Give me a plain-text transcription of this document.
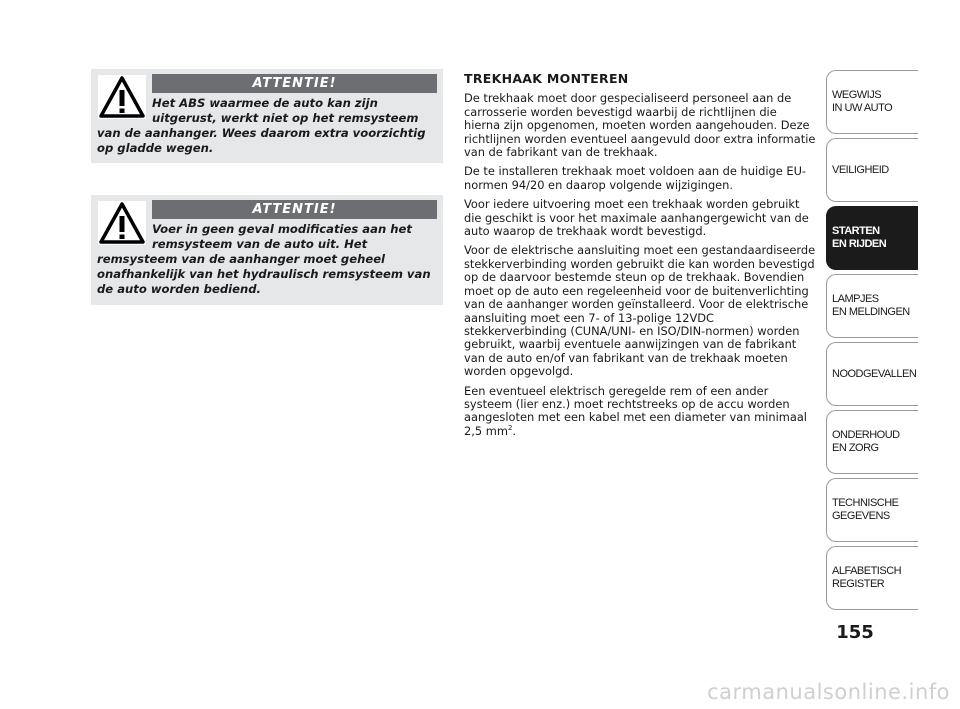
ATTENTIE!
Het ABS waarmee de auto kan zijn uitgerust, werkt niet op het remsysteem van de aanhanger. Wees daarom extra voorzichtig op gladde wegen.
ATTENTIE!
Voer in geen geval modificaties aan het remsysteem van de auto uit. Het remsysteem van de aanhanger moet geheel onafhankelijk van het hydraulisch remsysteem van de auto worden bediend.
TREKHAAK MONTEREN

De trekhaak moet door gespecialiseerd personeel aan de carrosserie worden bevestigd waarbij de richtlijnen die hierna zijn opgenomen, moeten worden aangehouden. Deze richtlijnen worden eventueel aangevuld door extra informatie van de fabrikant van de trekhaak.

De te installeren trekhaak moet voldoen aan de huidige EU-normen 94/20 en daarop volgende wijzigingen.

Voor iedere uitvoering moet een trekhaak worden gebruikt die geschikt is voor het maximale aanhangergewicht van de auto waarop de trekhaak wordt bevestigd.

Voor de elektrische aansluiting moet een gestandaardiseerde stekkerverbinding worden gebruikt die kan worden bevestigd op de daarvoor bestemde steun op de trekhaak. Bovendien moet op de auto een regeleenheid voor de buitenverlichting van de aanhanger worden geïnstalleerd. Voor de elektrische aansluiting moet een 7- of 13-polige 12VDC stekkerverbinding (CUNA/UNI- en ISO/DIN-normen) worden gebruikt, waarbij eventuele aanwijzingen van de fabrikant van de auto en/of van fabrikant van de trekhaak moeten worden opgevolgd.

Een eventueel elektrisch geregelde rem of een ander systeem (lier enz.) moet rechtstreeks op de accu worden aangesloten met een kabel met een diameter van minimaal 2,5 $mm^2$.

WEGWIJS
IN UW AUTO
VEILIGHEID
STARTEN
EN RIJDEN
LAMPJES
EN MELDINGEN
NOODGEVALLEN
ONDERHOUD
EN ZORG
TECHNISCHE
GEGEVENS
ALFABETISCH
REGISTER
155
carmanualsonline.info
